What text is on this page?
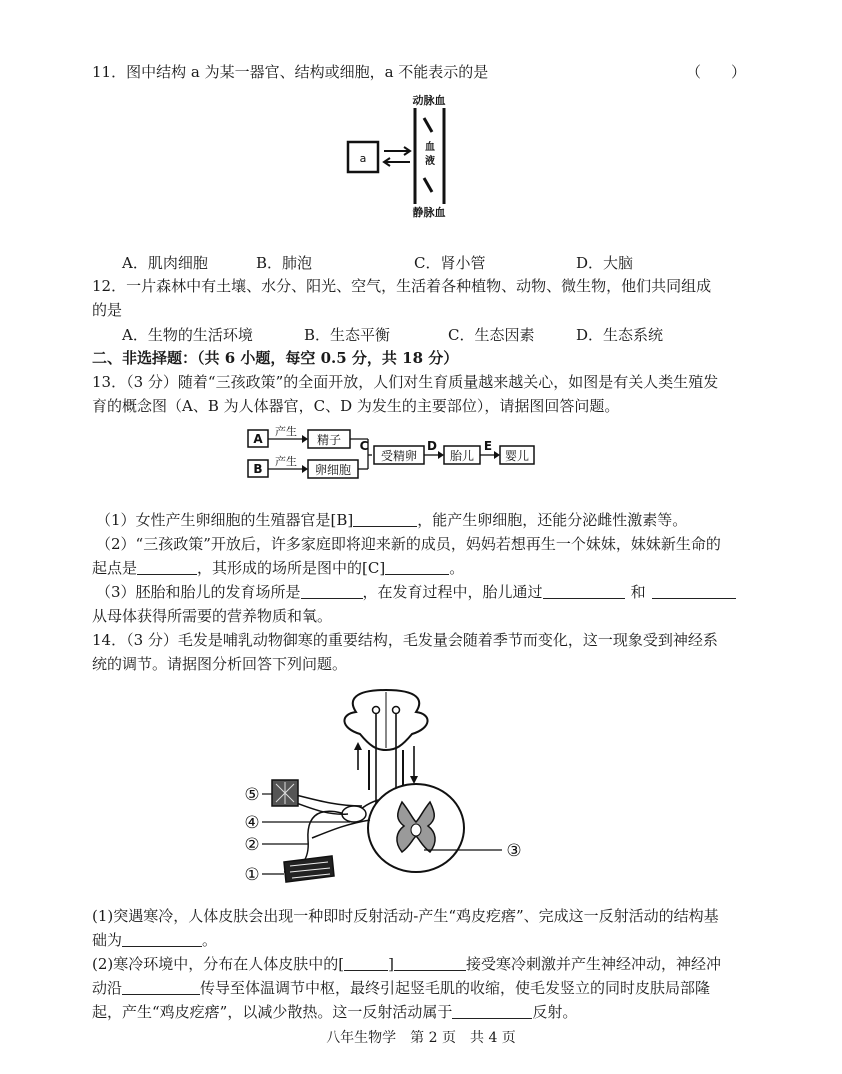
11．图中结构 a 为某一器官、结构或细胞，a 不能表示的是	（　　）
a
动脉血
血
液
静脉血
A．肌肉细胞	B．肺泡	C．肾小管	D．大脑
12．一片森林中有土壤、水分、阳光、空气，生活着各种植物、动物、微生物，他们共同组成
的是
A．生物的生活环境	B．生态平衡	C．生态因素	D．生态系统
二、非选择题：（共 6 小题，每空 0.5 分，共 18 分）
13．（3 分）随着“三孩政策”的全面开放，人们对生育质量越来越关心，如图是有关人类生殖发
育的概念图（A、B 为人体器官，C、D 为发生的主要部位），请据图回答问题。
A
B
产生
产生
精子
卵细胞
C
受精卵
D
胎儿
E
婴儿
（1）女性产生卵细胞的生殖器官是[B]	，能产生卵细胞，还能分泌雌性激素等。
（2）“三孩政策”开放后，许多家庭即将迎来新的成员，妈妈若想再生一个妹妹，妹妹新生命的
起点是	，其形成的场所是图中的[C]	。
（3）胚胎和胎儿的发育场所是	，在发育过程中，胎儿通过	和
从母体获得所需要的营养物质和氧。
14．（3 分）毛发是哺乳动物御寒的重要结构，毛发量会随着季节而变化，这一现象受到神经系
统的调节。请据图分析回答下列问题。
⑤
④
②
①
③
(1)突遇寒冷，人体皮肤会出现一种即时反射活动-产生“鸡皮疙瘩”、完成这一反射活动的结构基
础为	。
(2)寒冷环境中，分布在人体皮肤中的[	]	接受寒冷刺激并产生神经冲动，神经冲
动沿	传导至体温调节中枢，最终引起竖毛肌的收缩，使毛发竖立的同时皮肤局部隆
起，产生“鸡皮疙瘩”，以减少散热。这一反射活动属于	反射。
八年生物学　第 2 页　共 4 页
